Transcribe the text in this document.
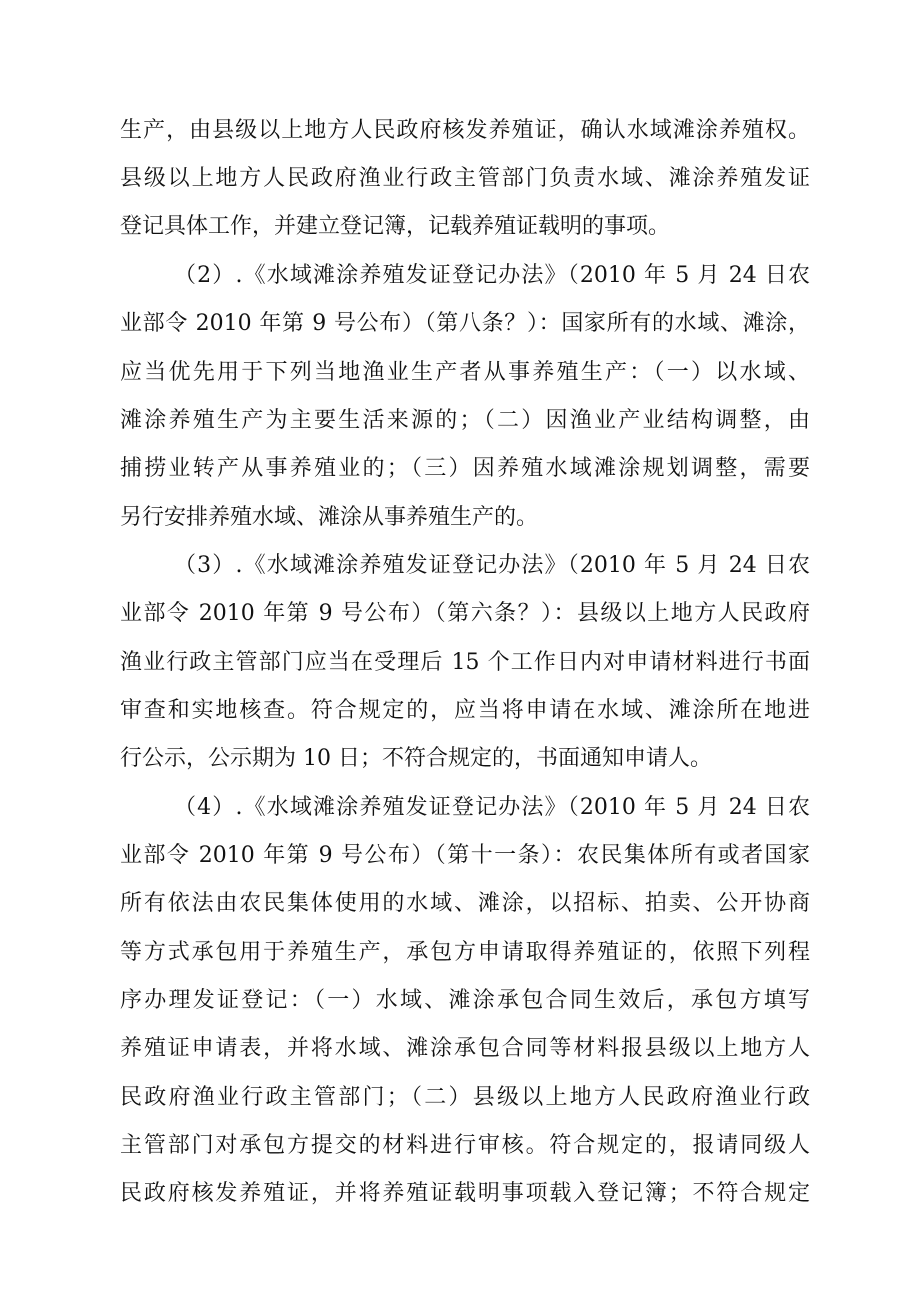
生产，由县级以上地方人民政府核发养殖证，确认水域滩涂养殖权。
县级以上地方人民政府渔业行政主管部门负责水域、滩涂养殖发证
登记具体工作，并建立登记簿，记载养殖证载明的事项。
（2）.《水域滩涂养殖发证登记办法》（2010 年 5 月 24 日农
业部令 2010 年第 9 号公布）（第八条？）：国家所有的水域、滩涂，
应当优先用于下列当地渔业生产者从事养殖生产：（一）以水域、
滩涂养殖生产为主要生活来源的；（二）因渔业产业结构调整，由
捕捞业转产从事养殖业的；（三）因养殖水域滩涂规划调整，需要
另行安排养殖水域、滩涂从事养殖生产的。
（3）.《水域滩涂养殖发证登记办法》（2010 年 5 月 24 日农
业部令 2010 年第 9 号公布）（第六条？）：县级以上地方人民政府
渔业行政主管部门应当在受理后 15 个工作日内对申请材料进行书面
审查和实地核查。符合规定的，应当将申请在水域、滩涂所在地进
行公示，公示期为 10 日；不符合规定的，书面通知申请人。
（4）.《水域滩涂养殖发证登记办法》（2010 年 5 月 24 日农
业部令 2010 年第 9 号公布）（第十一条）：农民集体所有或者国家
所有依法由农民集体使用的水域、滩涂，以招标、拍卖、公开协商
等方式承包用于养殖生产，承包方申请取得养殖证的，依照下列程
序办理发证登记：（一）水域、滩涂承包合同生效后，承包方填写
养殖证申请表，并将水域、滩涂承包合同等材料报县级以上地方人
民政府渔业行政主管部门；（二）县级以上地方人民政府渔业行政
主管部门对承包方提交的材料进行审核。符合规定的，报请同级人
民政府核发养殖证，并将养殖证载明事项载入登记簿；不符合规定
